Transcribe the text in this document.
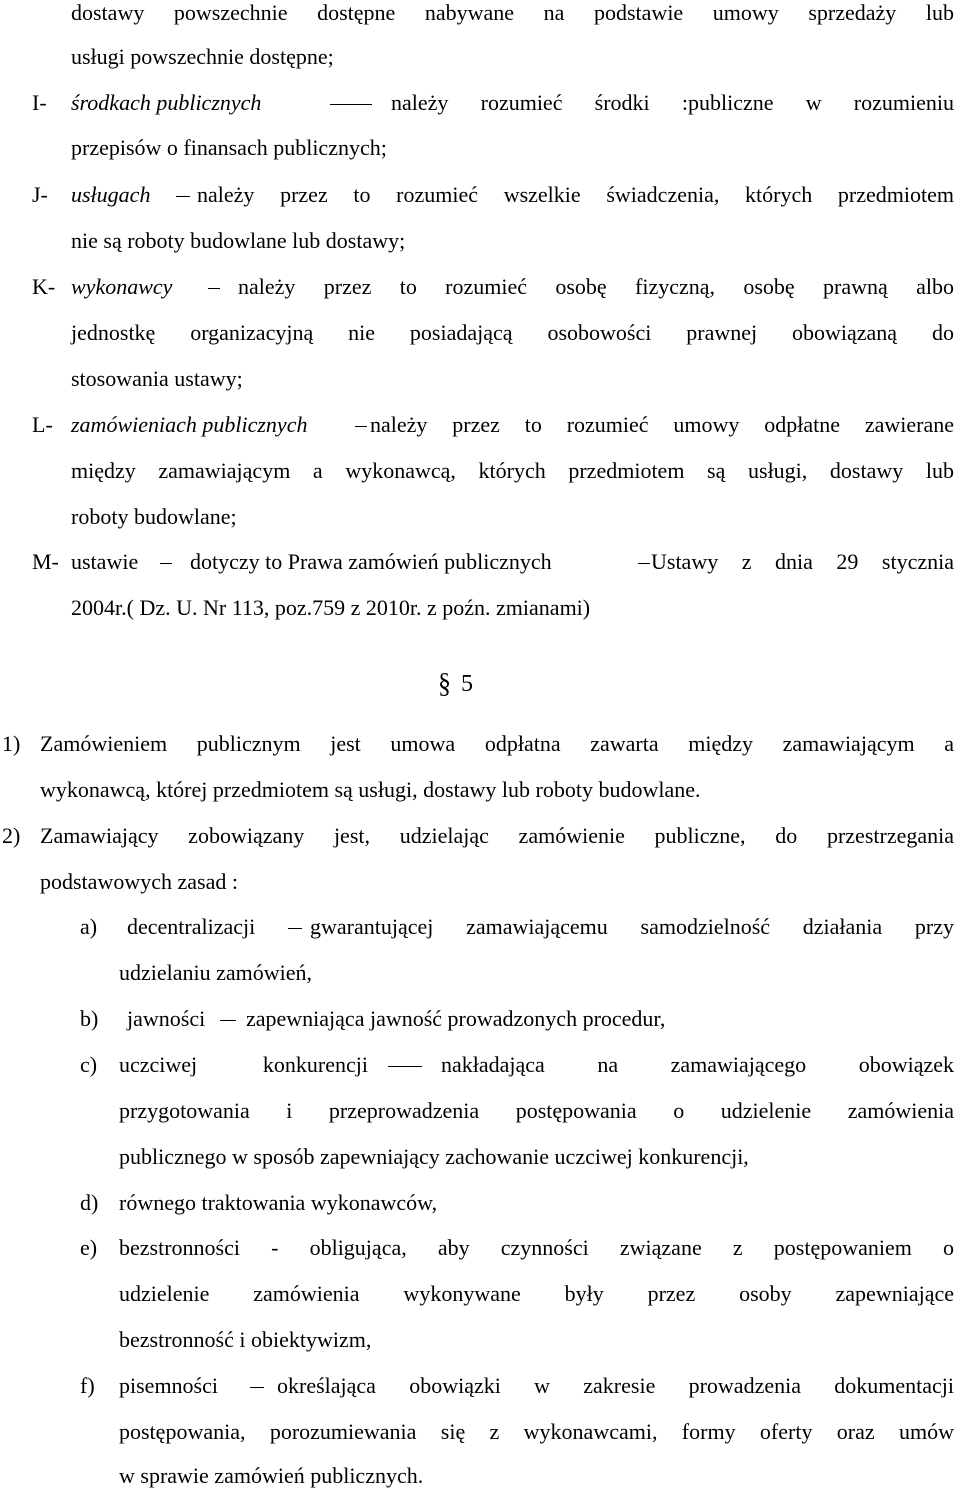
dostawy powszechnie dostępne nabywane na podstawie umowy sprzedaży lub
usługi powszechnie dostępne;
I- środkach publicznych	należy rozumieć środki :publiczne w rozumieniu
przepisów o finansach publicznych;
J- usługach należy przez to rozumieć wszelkie świadczenia, których przedmiotem
nie są roboty budowlane lub dostawy;
K- wykonawcy	należy przez to rozumieć osobę fizyczną, osobę prawną albo
jednostkę organizacyjną nie posiadającą osobowości prawnej obowiązaną do
stosowania ustawy;
L- zamówieniach publicznych	należy przez to rozumieć umowy odpłatne zawierane
między zamawiającym a wykonawcą, których przedmiotem są usługi, dostawy lub
roboty budowlane;
M- ustawie dotyczy to Prawa zamówień publicznych	Ustawy z dnia 29 stycznia
2004r.( Dz. U. Nr 113, poz.759 z 2010r. z poźn. zmianami)
§ 5
1) Zamówieniem publicznym jest umowa odpłatna zawarta między zamawiającym a
wykonawcą, której przedmiotem są usługi, dostawy lub roboty budowlane.
2) Zamawiający zobowiązany jest, udzielając zamówienie publiczne, do przestrzegania
podstawowych zasad :
a) decentralizacji gwarantującej zamawiającemu samodzielność działania przy
udzielaniu zamówień,
b) jawności zapewniająca jawność prowadzonych procedur,
c) uczciwej konkurencji	nakładająca na zamawiającego obowiązek
przygotowania i przeprowadzenia postępowania o udzielenie zamówienia
publicznego w sposób zapewniający zachowanie uczciwej konkurencji,
d) równego traktowania wykonawców,
e) bezstronności - obligująca, aby czynności związane z postępowaniem o
udzielenie zamówienia wykonywane były przez osoby zapewniające
bezstronność i obiektywizm,
f) pisemności	określająca obowiązki w zakresie prowadzenia dokumentacji
postępowania, porozumiewania się z wykonawcami, formy oferty oraz umów
w sprawie zamówień publicznych.
